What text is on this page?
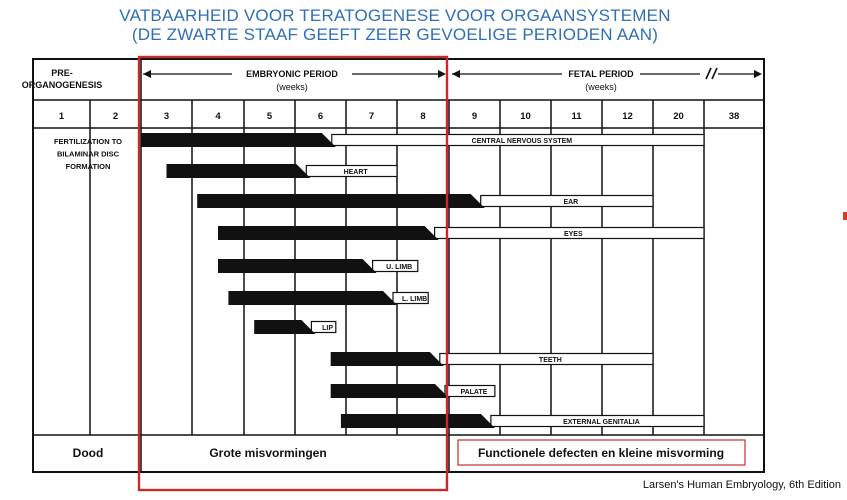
VATBAARHEID VOOR TERATOGENESE VOOR ORGAANSYSTEMEN
(DE ZWARTE STAAF GEEFT ZEER GEVOELIGE PERIODEN AAN)
PRE-
ORGANOGENESIS
EMBRYONIC PERIOD
(weeks)
FETAL PERIOD
(weeks)
1	2	3	4	5	6	7	8	9	10	11	12	20	38
FERTILIZATION TO
BILAMINAR DISC
FORMATION
CENTRAL NERVOUS SYSTEM
HEART
EAR
EYES
U. LIMB
L. LIMB
LIP
TEETH
PALATE
EXTERNAL GENITALIA
Dood	Grote misvormingen	Functionele defecten en kleine misvorming
Larsen's Human Embryology, 6th Edition
